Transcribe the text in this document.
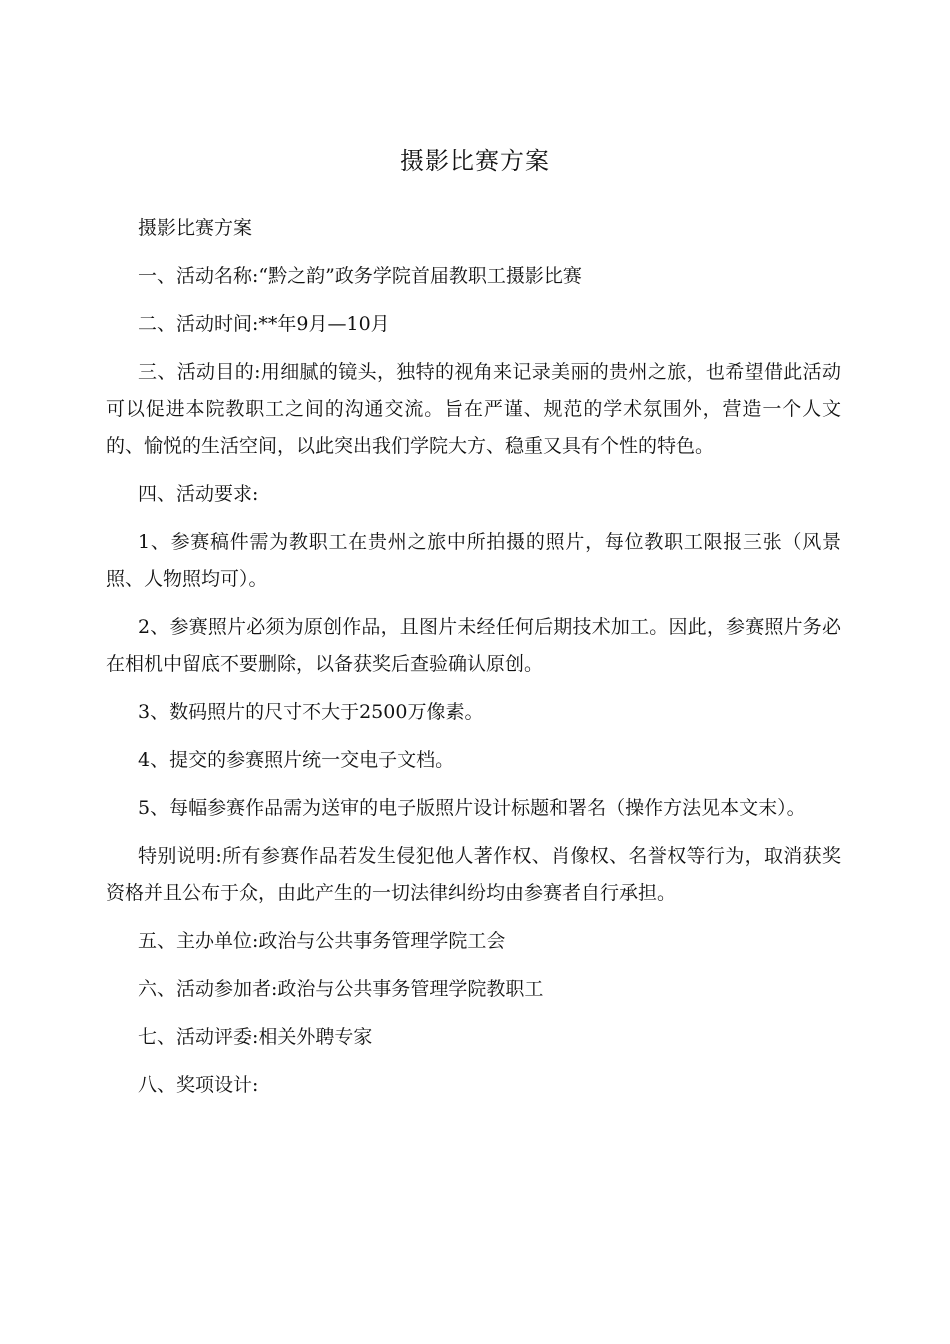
摄影比赛方案

摄影比赛方案

一、活动名称:“黔之韵”政务学院首届教职工摄影比赛

二、活动时间:**年9月—10月

三、活动目的:用细腻的镜头，独特的视角来记录美丽的贵州之旅，也希望借此活动可以促进本院教职工之间的沟通交流。旨在严谨、规范的学术氛围外，营造一个人文的、愉悦的生活空间，以此突出我们学院大方、稳重又具有个性的特色。

四、活动要求:

1、参赛稿件需为教职工在贵州之旅中所拍摄的照片，每位教职工限报三张（风景照、人物照均可）。

2、参赛照片必须为原创作品，且图片未经任何后期技术加工。因此，参赛照片务必在相机中留底不要删除，以备获奖后查验确认原创。

3、数码照片的尺寸不大于2500万像素。

4、提交的参赛照片统一交电子文档。

5、每幅参赛作品需为送审的电子版照片设计标题和署名（操作方法见本文末）。

特别说明:所有参赛作品若发生侵犯他人著作权、肖像权、名誉权等行为，取消获奖资格并且公布于众，由此产生的一切法律纠纷均由参赛者自行承担。

五、主办单位:政治与公共事务管理学院工会

六、活动参加者:政治与公共事务管理学院教职工

七、活动评委:相关外聘专家

八、奖项设计:
